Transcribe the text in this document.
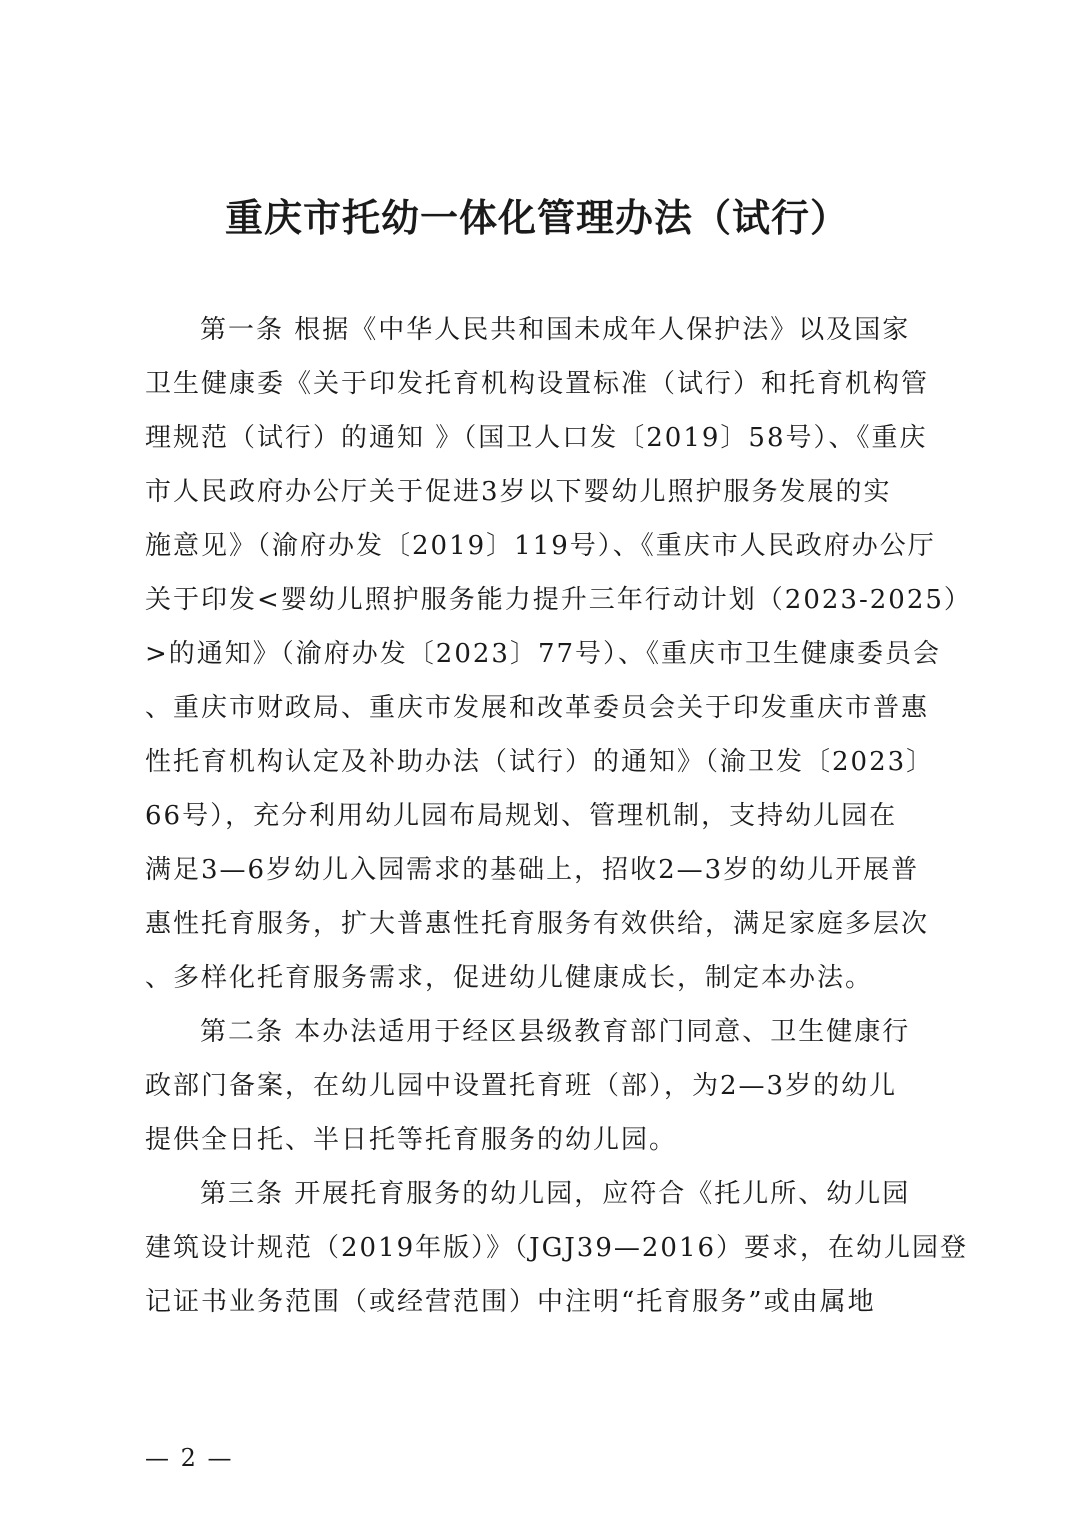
重庆市托幼一体化管理办法（试行）

第一条 根据《中华人民共和国未成年人保护法》以及国家

卫生健康委《关于印发托育机构设置标准（试行）和托育机构管

理规范（试行）的通知 》（国卫人口发〔2019〕58号）、《重庆

市人民政府办公厅关于促进3岁以下婴幼儿照护服务发展的实

施意见》（渝府办发〔2019〕119号）、《重庆市人民政府办公厅

关于印发<婴幼儿照护服务能力提升三年行动计划（2023-2025）

>的通知》（渝府办发〔2023〕77号）、《重庆市卫生健康委员会

、重庆市财政局、重庆市发展和改革委员会关于印发重庆市普惠

性托育机构认定及补助办法（试行）的通知》（渝卫发〔2023〕

66号），充分利用幼儿园布局规划、管理机制，支持幼儿园在

满足3—6岁幼儿入园需求的基础上，招收2—3岁的幼儿开展普

惠性托育服务，扩大普惠性托育服务有效供给，满足家庭多层次

、多样化托育服务需求，促进幼儿健康成长，制定本办法。

第二条 本办法适用于经区县级教育部门同意、卫生健康行

政部门备案，在幼儿园中设置托育班（部），为2—3岁的幼儿

提供全日托、半日托等托育服务的幼儿园。

第三条 开展托育服务的幼儿园，应符合《托儿所、幼儿园

建筑设计规范（2019年版）》（JGJ39—2016）要求，在幼儿园登

记证书业务范围（或经营范围）中注明“托育服务”或由属地

— 2 —
